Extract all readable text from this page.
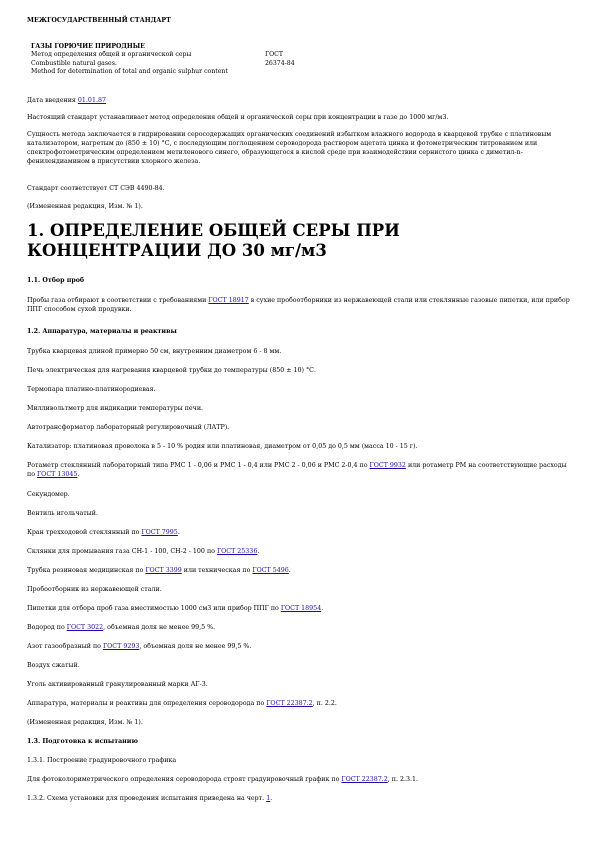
МЕЖГОСУДАРСТВЕННЫЙ СТАНДАРТ

ГАЗЫ ГОРЮЧИЕ ПРИРОДНЫЕ
Метод определения общей и органической серы	ГОСТ
Combustible natural gases.	26374-84
Method for determination of total and organic sulphur content

Дата введения 01.01.87

Настоящий стандарт устанавливает метод определения общей и органической серы при концентрации в газе до 1000 мг/м3.

Сущность метода заключается в гидрировании серосодержащих органических соединений избытком влажного водорода в кварцевой трубке с платиновым катализатором, нагретым до (850 ± 10) °С, с последующим поглощением сероводорода раствором ацетата цинка и фотометрическим титрованием или спектрофотометрическим определением метиленового синего, образующегося в кислой среде при взаимодействии сернистого цинка с диметил-n-фенилендиамином в присутствии хлорного железа.

Стандарт соответствует СТ СЭВ 4490-84.

(Измененная редакция, Изм. № 1).

1. ОПРЕДЕЛЕНИЕ ОБЩЕЙ СЕРЫ ПРИ КОНЦЕНТРАЦИИ ДО 30 мг/м3

1.1. Отбор проб

Пробы газа отбирают в соответствии с требованиями ГОСТ 18917 в сухие пробоотборники из нержавеющей стали или стеклянные газовые пипетки, или прибор ППГ способом сухой продувки.

1.2. Аппаратура, материалы и реактивы

Трубка кварцевая длиной примерно 50 см, внутренним диаметром 6 - 8 мм.

Печь электрическая для нагревания кварцевой трубки до температуры (850 ± 10) °С.

Термопара платино-платинородиевая.

Милливольтметр для индикации температуры печи.

Автотрансформатор лабораторный регулировочный (ЛАТР).

Катализатор: платиновая проволока в 5 - 10 % родия или платиновая, диаметром от 0,05 до 0,5 мм (масса 10 - 15 г).

Ротаметр стеклянный лабораторный типа РМС 1 - 0,06 и РМС 1 - 0,4 или РМС 2 - 0,06 и РМС 2-0,4 по ГОСТ 9932 или ротаметр РМ на соответствующие расходы по ГОСТ 13045.

Секундомер.

Вентиль игольчатый.

Кран трехходовой стеклянный по ГОСТ 7995.

Склянки для промывания газа СН-1 - 100, СН-2 - 100 по ГОСТ 25336.

Трубка резиновая медицинская по ГОСТ 3399 или техническая по ГОСТ 5496.

Пробоотборник из нержавеющей стали.

Пипетки для отбора проб газа вместимостью 1000 см3 или прибор ППГ по ГОСТ 18954.

Водород по ГОСТ 3022, объемная доля не менее 99,5 %.

Азот газообразный по ГОСТ 9293, объемная доля не менее 99,5 %.

Воздух сжатый.

Уголь активированный гранулированный марки АГ-3.

Аппаратура, материалы и реактивы для определения сероводорода по ГОСТ 22387.2, п. 2.2.

(Измененная редакция, Изм. № 1).

1.3. Подготовка к испытанию

1.3.1. Построение градуировочного графика

Для фотоколориметрического определения сероводорода строят градуировочный график по ГОСТ 22387.2, п. 2.3.1.

1.3.2. Схема установки для проведения испытания приведена на черт. 1.
